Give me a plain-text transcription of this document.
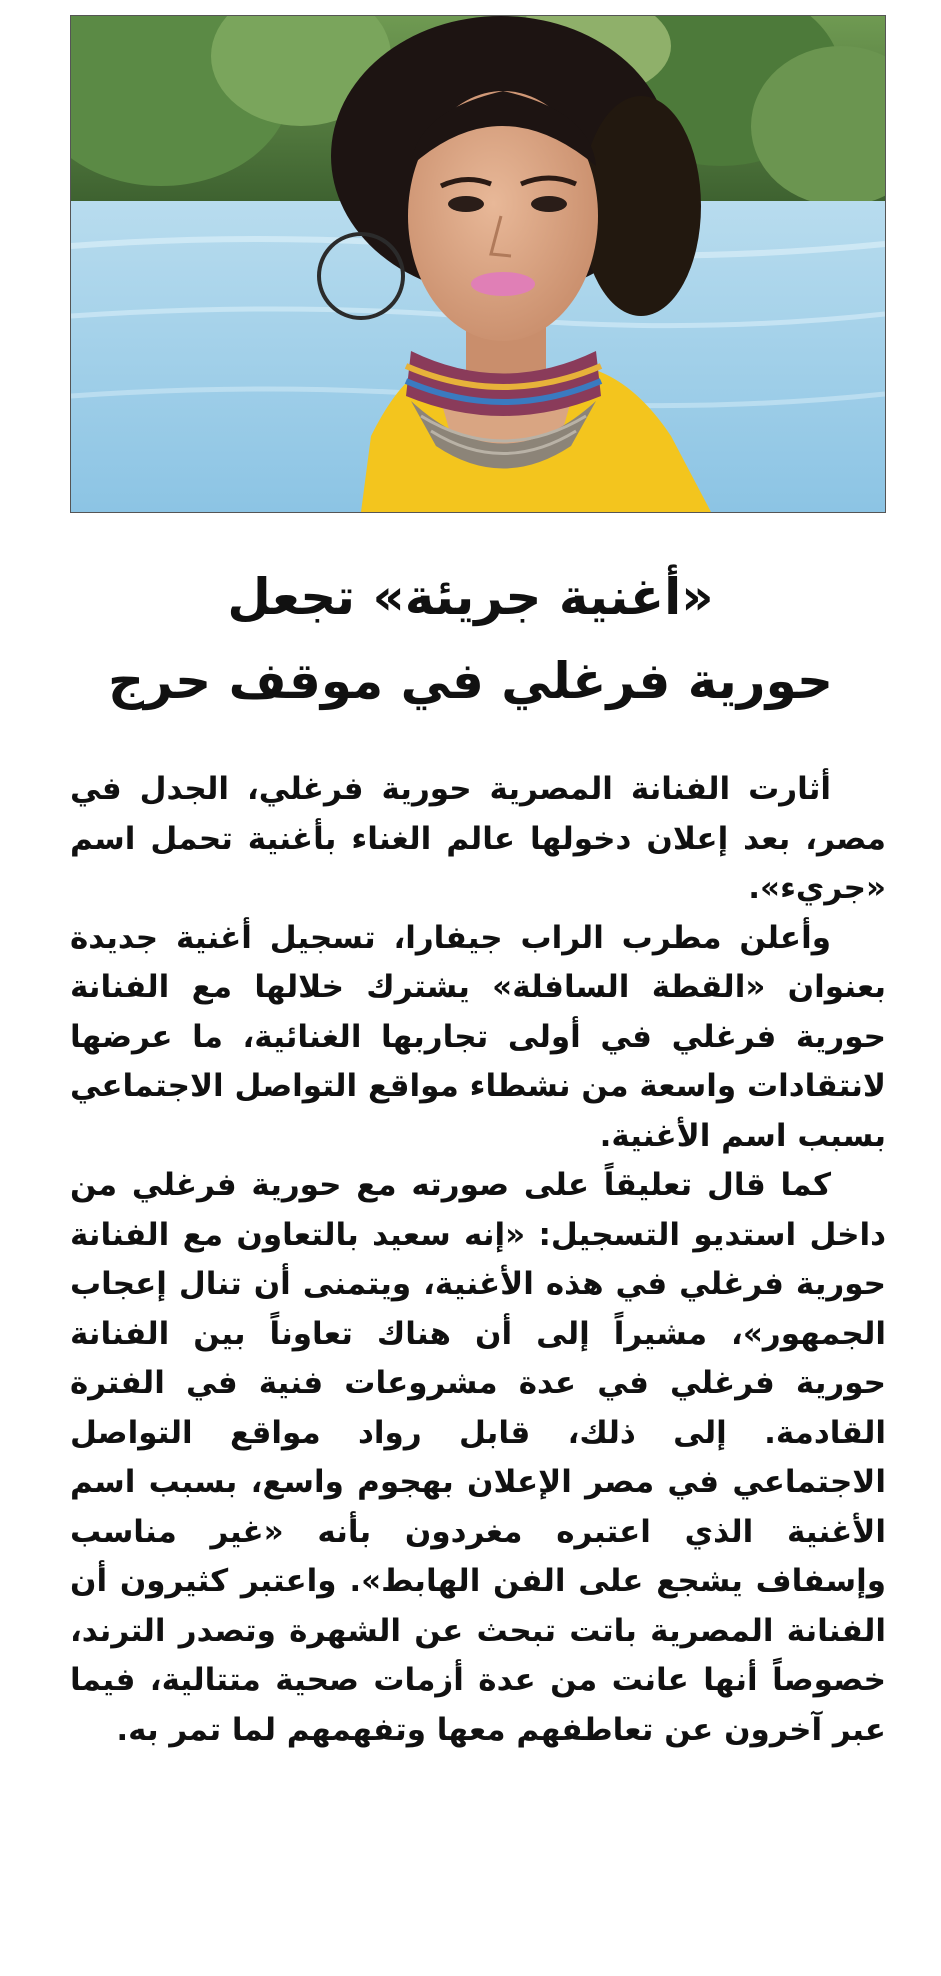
«أغنية جريئة» تجعل
حورية فرغلي في موقف حرج

أثارت الفنانة المصرية حورية فرغلي، الجدل في مصر، بعد إعلان دخولها عالم الغناء بأغنية تحمل اسم «جريء».

وأعلن مطرب الراب جيفارا، تسجيل أغنية جديدة بعنوان «القطة السافلة» يشترك خلالها مع الفنانة حورية فرغلي في أولى تجاربها الغنائية، ما عرضها لانتقادات واسعة من نشطاء مواقع التواصل الاجتماعي بسبب اسم الأغنية.

كما قال تعليقاً على صورته مع حورية فرغلي من داخل استديو التسجيل: «إنه سعيد بالتعاون مع الفنانة حورية فرغلي في هذه الأغنية، ويتمنى أن تنال إعجاب الجمهور»، مشيراً إلى أن هناك تعاوناً بين الفنانة حورية فرغلي في عدة مشروعات فنية في الفترة القادمة. إلى ذلك، قابل رواد مواقع التواصل الاجتماعي في مصر الإعلان بهجوم واسع، بسبب اسم الأغنية الذي اعتبره مغردون بأنه «غير مناسب وإسفاف يشجع على الفن الهابط». واعتبر كثيرون أن الفنانة المصرية باتت تبحث عن الشهرة وتصدر الترند، خصوصاً أنها عانت من عدة أزمات صحية متتالية، فيما عبر آخرون عن تعاطفهم معها وتفهمهم لما تمر به.
